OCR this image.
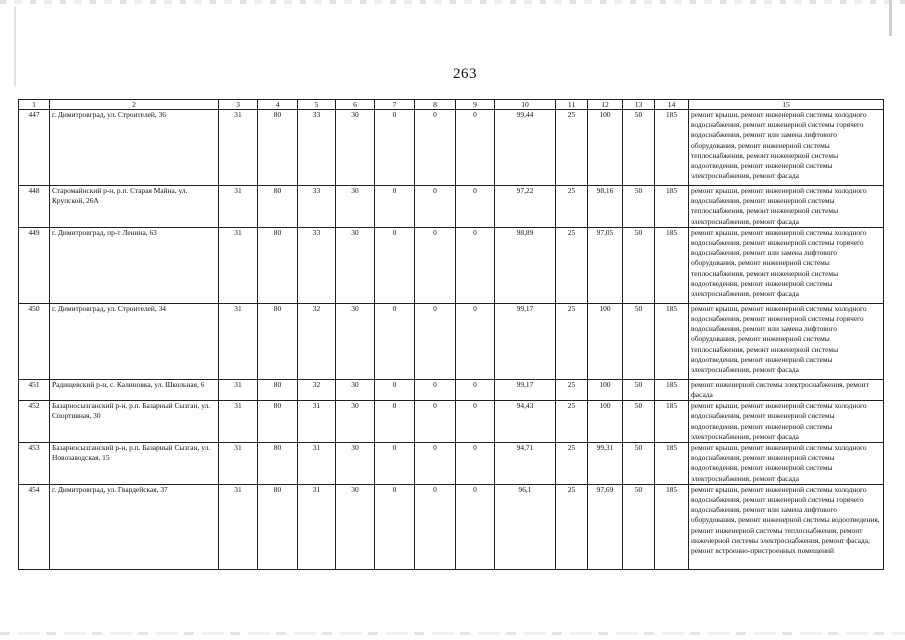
263
1	2	3	4	5	6	7	8	9	10	11	12	13	14	15
447	г. Димитровград, ул. Строителей, 36	31	80	33	30	0	0	0	99,44	25	100	50	185	ремонт крыши, ремонт инженерной системы холодного водоснабжения, ремонт инженерной системы горячего водоснабжения, ремонт или замена лифтового оборудования, ремонт инженерной системы теплоснабжения, ремонт инженерной системы водоотведения, ремонт инженерной системы электроснабжения, ремонт фасада
448	Старомайнский р-н, р.п. Старая Майна, ул. Крупской, 26А	31	80	33	30	0	0	0	97,22	25	98,16	50	185	ремонт крыши, ремонт инженерной системы холодного водоснабжения, ремонт инженерной системы теплоснабжения, ремонт инженерной системы электроснабжения, ремонт фасада
449	г. Димитровград, пр-т Ленина, 63	31	80	33	30	0	0	0	98,89	25	97,05	50	185	ремонт крыши, ремонт инженерной системы холодного водоснабжения, ремонт инженерной системы горячего водоснабжения, ремонт или замена лифтового оборудования, ремонт инженерной системы теплоснабжения, ремонт инженерной системы водоотведения, ремонт инженерной системы электроснабжения, ремонт фасада
450	г. Димитровград, ул. Строителей, 34	31	80	32	30	0	0	0	99,17	25	100	50	185	ремонт крыши, ремонт инженерной системы холодного водоснабжения, ремонт инженерной системы горячего водоснабжения, ремонт или замена лифтового оборудования, ремонт инженерной системы теплоснабжения, ремонт инженерной системы водоотведения, ремонт инженерной системы электроснабжения, ремонт фасада
451	Радищевский р-н, с. Калиновка, ул. Школьная, 6	31	80	32	30	0	0	0	99,17	25	100	50	185	ремонт инженерной системы электроснабжения, ремонт фасада
452	Базарносызганский р-н, р.п. Базарный Сызган, ул. Спортивная, 30	31	80	31	30	0	0	0	94,43	25	100	50	185	ремонт крыши, ремонт инженерной системы холодного водоснабжения, ремонт инженерной системы водоотведения, ремонт инженерной системы электроснабжения, ремонт фасада
453	Базарносызганский р-н, р.п. Базарный Сызган, ул. Новозаводская, 15	31	80	31	30	0	0	0	94,71	25	99,31	50	185	ремонт крыши, ремонт инженерной системы холодного водоснабжения, ремонт инженерной системы водоотведения, ремонт инженерной системы электроснабжения, ремонт фасада
454	г. Димитровград, ул. Гвардейская, 37	31	80	31	30	0	0	0	96,1	25	97,69	50	185	ремонт крыши, ремонт инженерной системы холодного водоснабжения, ремонт инженерной системы горячего водоснабжения, ремонт или замена лифтового оборудования, ремонт инженерной системы водоотведения, ремонт инженерной системы теплоснабжения, ремонт инженерной системы электроснабжения, ремонт фасада, ремонт встроенно-пристроенных помещений
